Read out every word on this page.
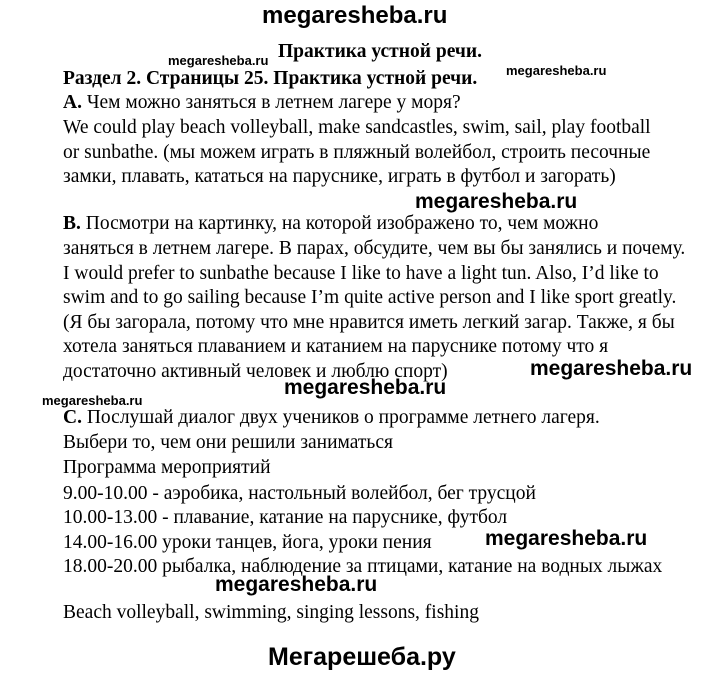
megaresheba.ru
Практика устной речи.
Раздел 2. Страницы 25. Практика устной речи.
A. Чем можно заняться в летнем лагере у моря?
We could play beach volleyball, make sandcastles, swim, sail, play football
or sunbathe. (мы можем играть в пляжный волейбол, строить песочные
замки, плавать, кататься на паруснике, играть в футбол и загорать)
B. Посмотри на картинку, на которой изображено то, чем можно
заняться в летнем лагере. В парах, обсудите, чем вы бы занялись и почему.
I would prefer to sunbathe because I like to have a light tun. Also, I’d like to
swim and to go sailing because I’m quite active person and I like sport greatly.
(Я бы загорала, потому что мне нравится иметь легкий загар. Также, я бы
хотела заняться плаванием и катанием на паруснике потому что я
достаточно активный человек и люблю спорт)
C. Послушай диалог двух учеников о программе летнего лагеря.
Выбери то, чем они решили заниматься
Программа мероприятий
9.00-10.00 - аэробика, настольный волейбол, бег трусцой
10.00-13.00 - плавание, катание на паруснике, футбол
14.00-16.00 уроки танцев, йога, уроки пения
18.00-20.00 рыбалка, наблюдение за птицами, катание на водных лыжах
Beach volleyball, swimming, singing lessons, fishing
megaresheba.ru
megaresheba.ru
megaresheba.ru
megaresheba.ru
megaresheba.ru
megaresheba.ru
megaresheba.ru
megaresheba.ru
Мегарешеба.ру
